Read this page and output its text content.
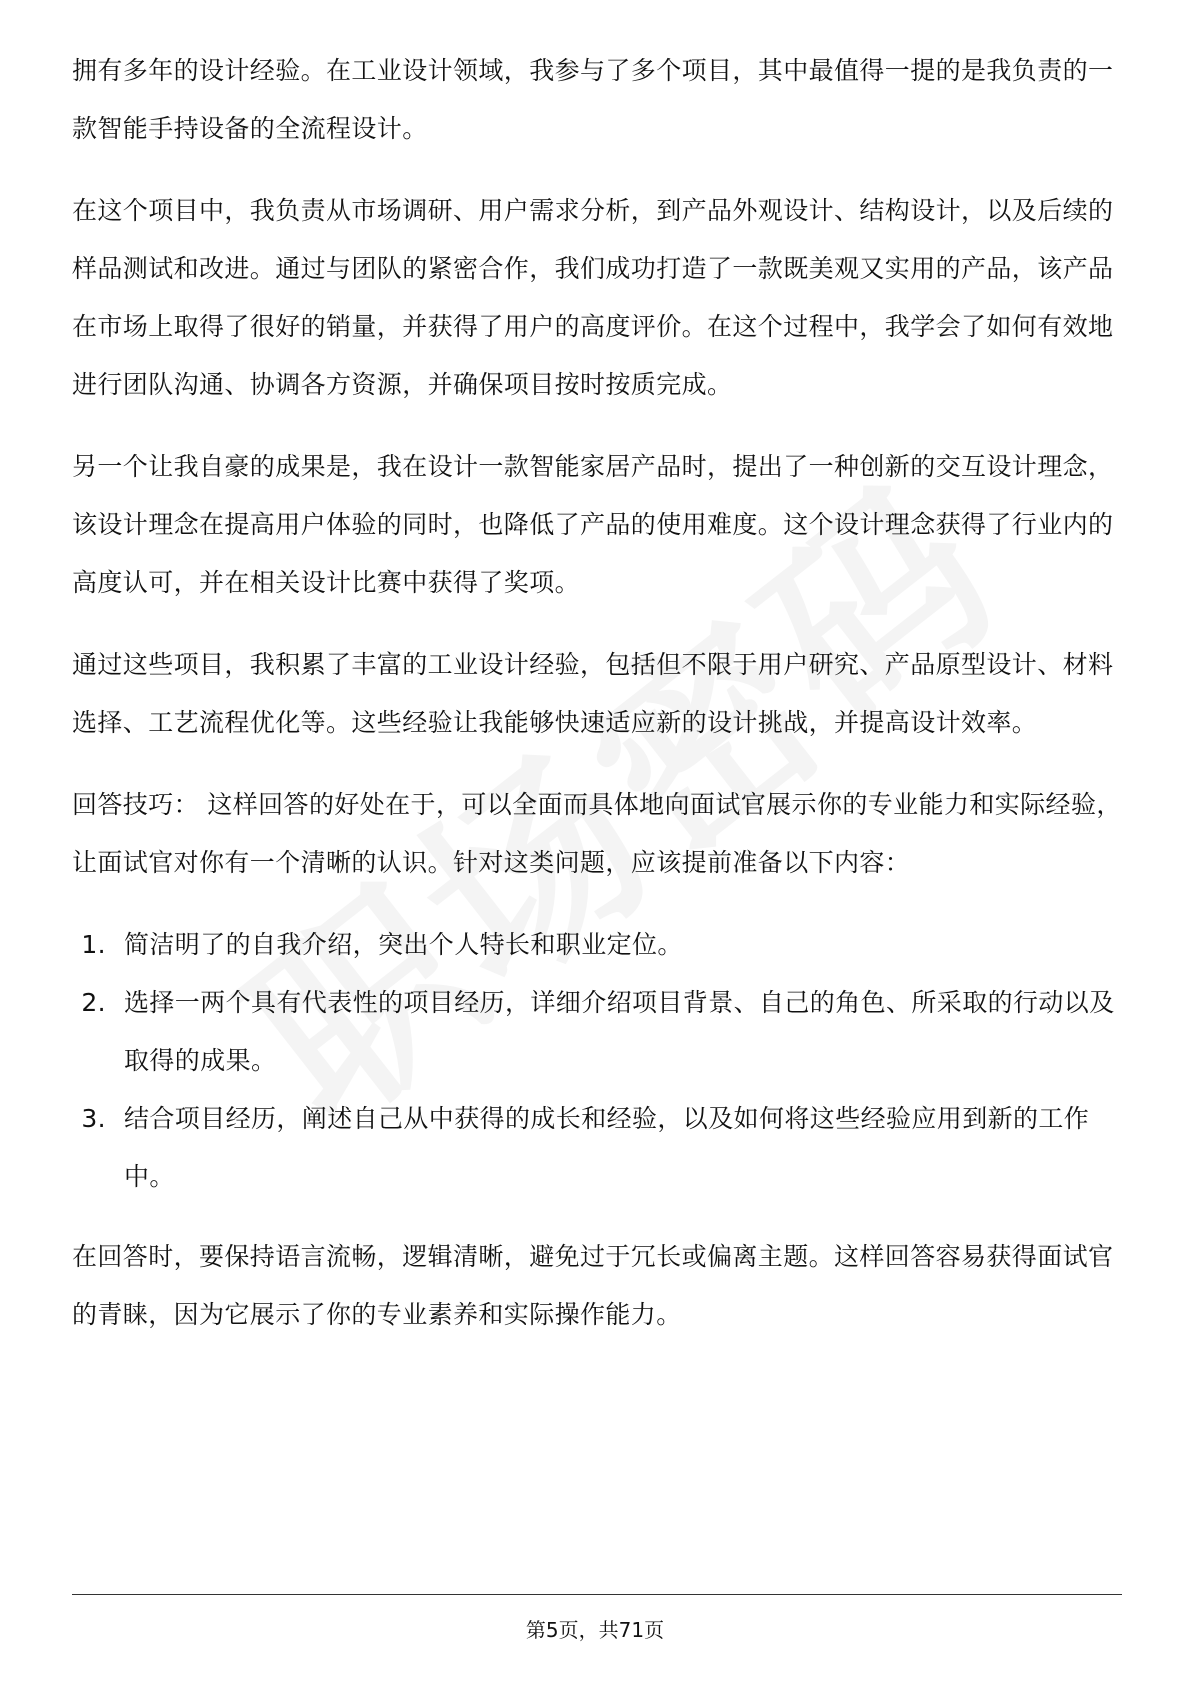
拥有多年的设计经验。在工业设计领域，我参与了多个项目，其中最值得一提的是我负责的一款智能手持设备的全流程设计。

在这个项目中，我负责从市场调研、用户需求分析，到产品外观设计、结构设计，以及后续的样品测试和改进。通过与团队的紧密合作，我们成功打造了一款既美观又实用的产品，该产品在市场上取得了很好的销量，并获得了用户的高度评价。在这个过程中，我学会了如何有效地进行团队沟通、协调各方资源，并确保项目按时按质完成。

另一个让我自豪的成果是，我在设计一款智能家居产品时，提出了一种创新的交互设计理念，该设计理念在提高用户体验的同时，也降低了产品的使用难度。这个设计理念获得了行业内的高度认可，并在相关设计比赛中获得了奖项。

通过这些项目，我积累了丰富的工业设计经验，包括但不限于用户研究、产品原型设计、材料选择、工艺流程优化等。这些经验让我能够快速适应新的设计挑战，并提高设计效率。

回答技巧： 这样回答的好处在于，可以全面而具体地向面试官展示你的专业能力和实际经验，让面试官对你有一个清晰的认识。针对这类问题，应该提前准备以下内容：

1. 简洁明了的自我介绍，突出个人特长和职业定位。
2. 选择一两个具有代表性的项目经历，详细介绍项目背景、自己的角色、所采取的行动以及取得的成果。
3. 结合项目经历，阐述自己从中获得的成长和经验，以及如何将这些经验应用到新的工作中。

在回答时，要保持语言流畅，逻辑清晰，避免过于冗长或偏离主题。这样回答容易获得面试官的青睐，因为它展示了你的专业素养和实际操作能力。

第5页，共71页
